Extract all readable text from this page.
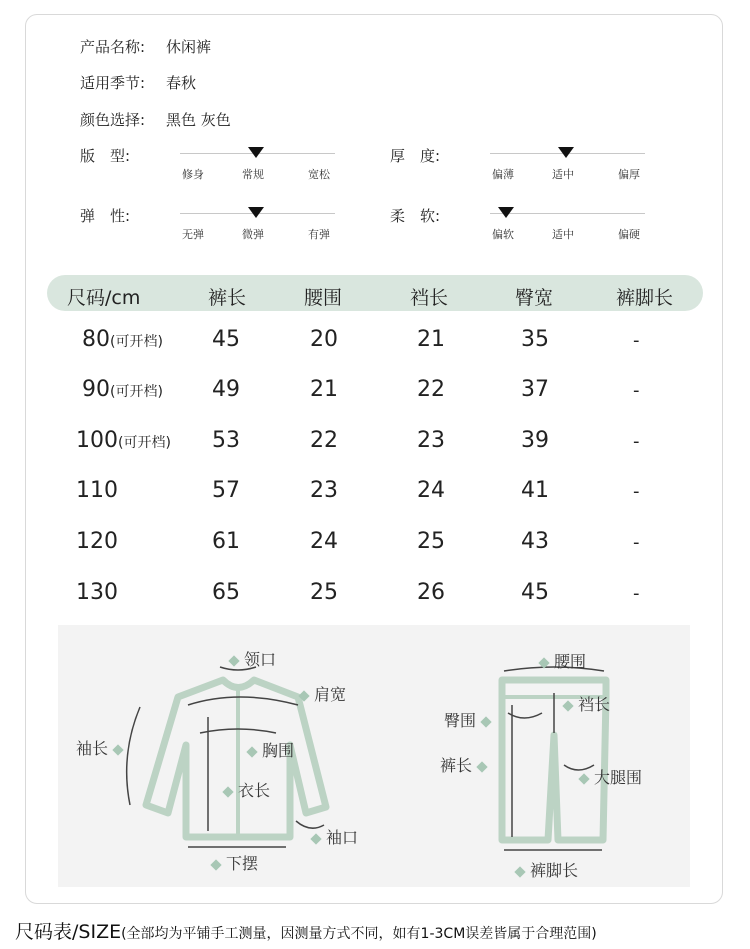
产品名称: 休闲裤
适用季节: 春秋
颜色选择: 黑色 灰色
版　型:
修身	常规	宽松
厚　度:
偏薄	适中	偏厚
弹　性:
无弹	微弹	有弹
柔　软:
偏软	适中	偏硬
尺码/cm	裤长	腰围	裆长	臀宽	裤脚长
80(可开档) 45	20	21	35	-
90(可开档) 49	21	22	37	-
100(可开档) 53	22	23	39	-
110	57	23	24	41	-
120	61	24	25	43	-
130	65	25	26	45	-
领口
肩宽
袖长	胸围
衣长
袖口
下摆
腰围
臀围
裆长
裤长
大腿围
裤脚长
尺码表/SIZE(全部均为平铺手工测量，因测量方式不同，如有1-3CM误差皆属于合理范围)
